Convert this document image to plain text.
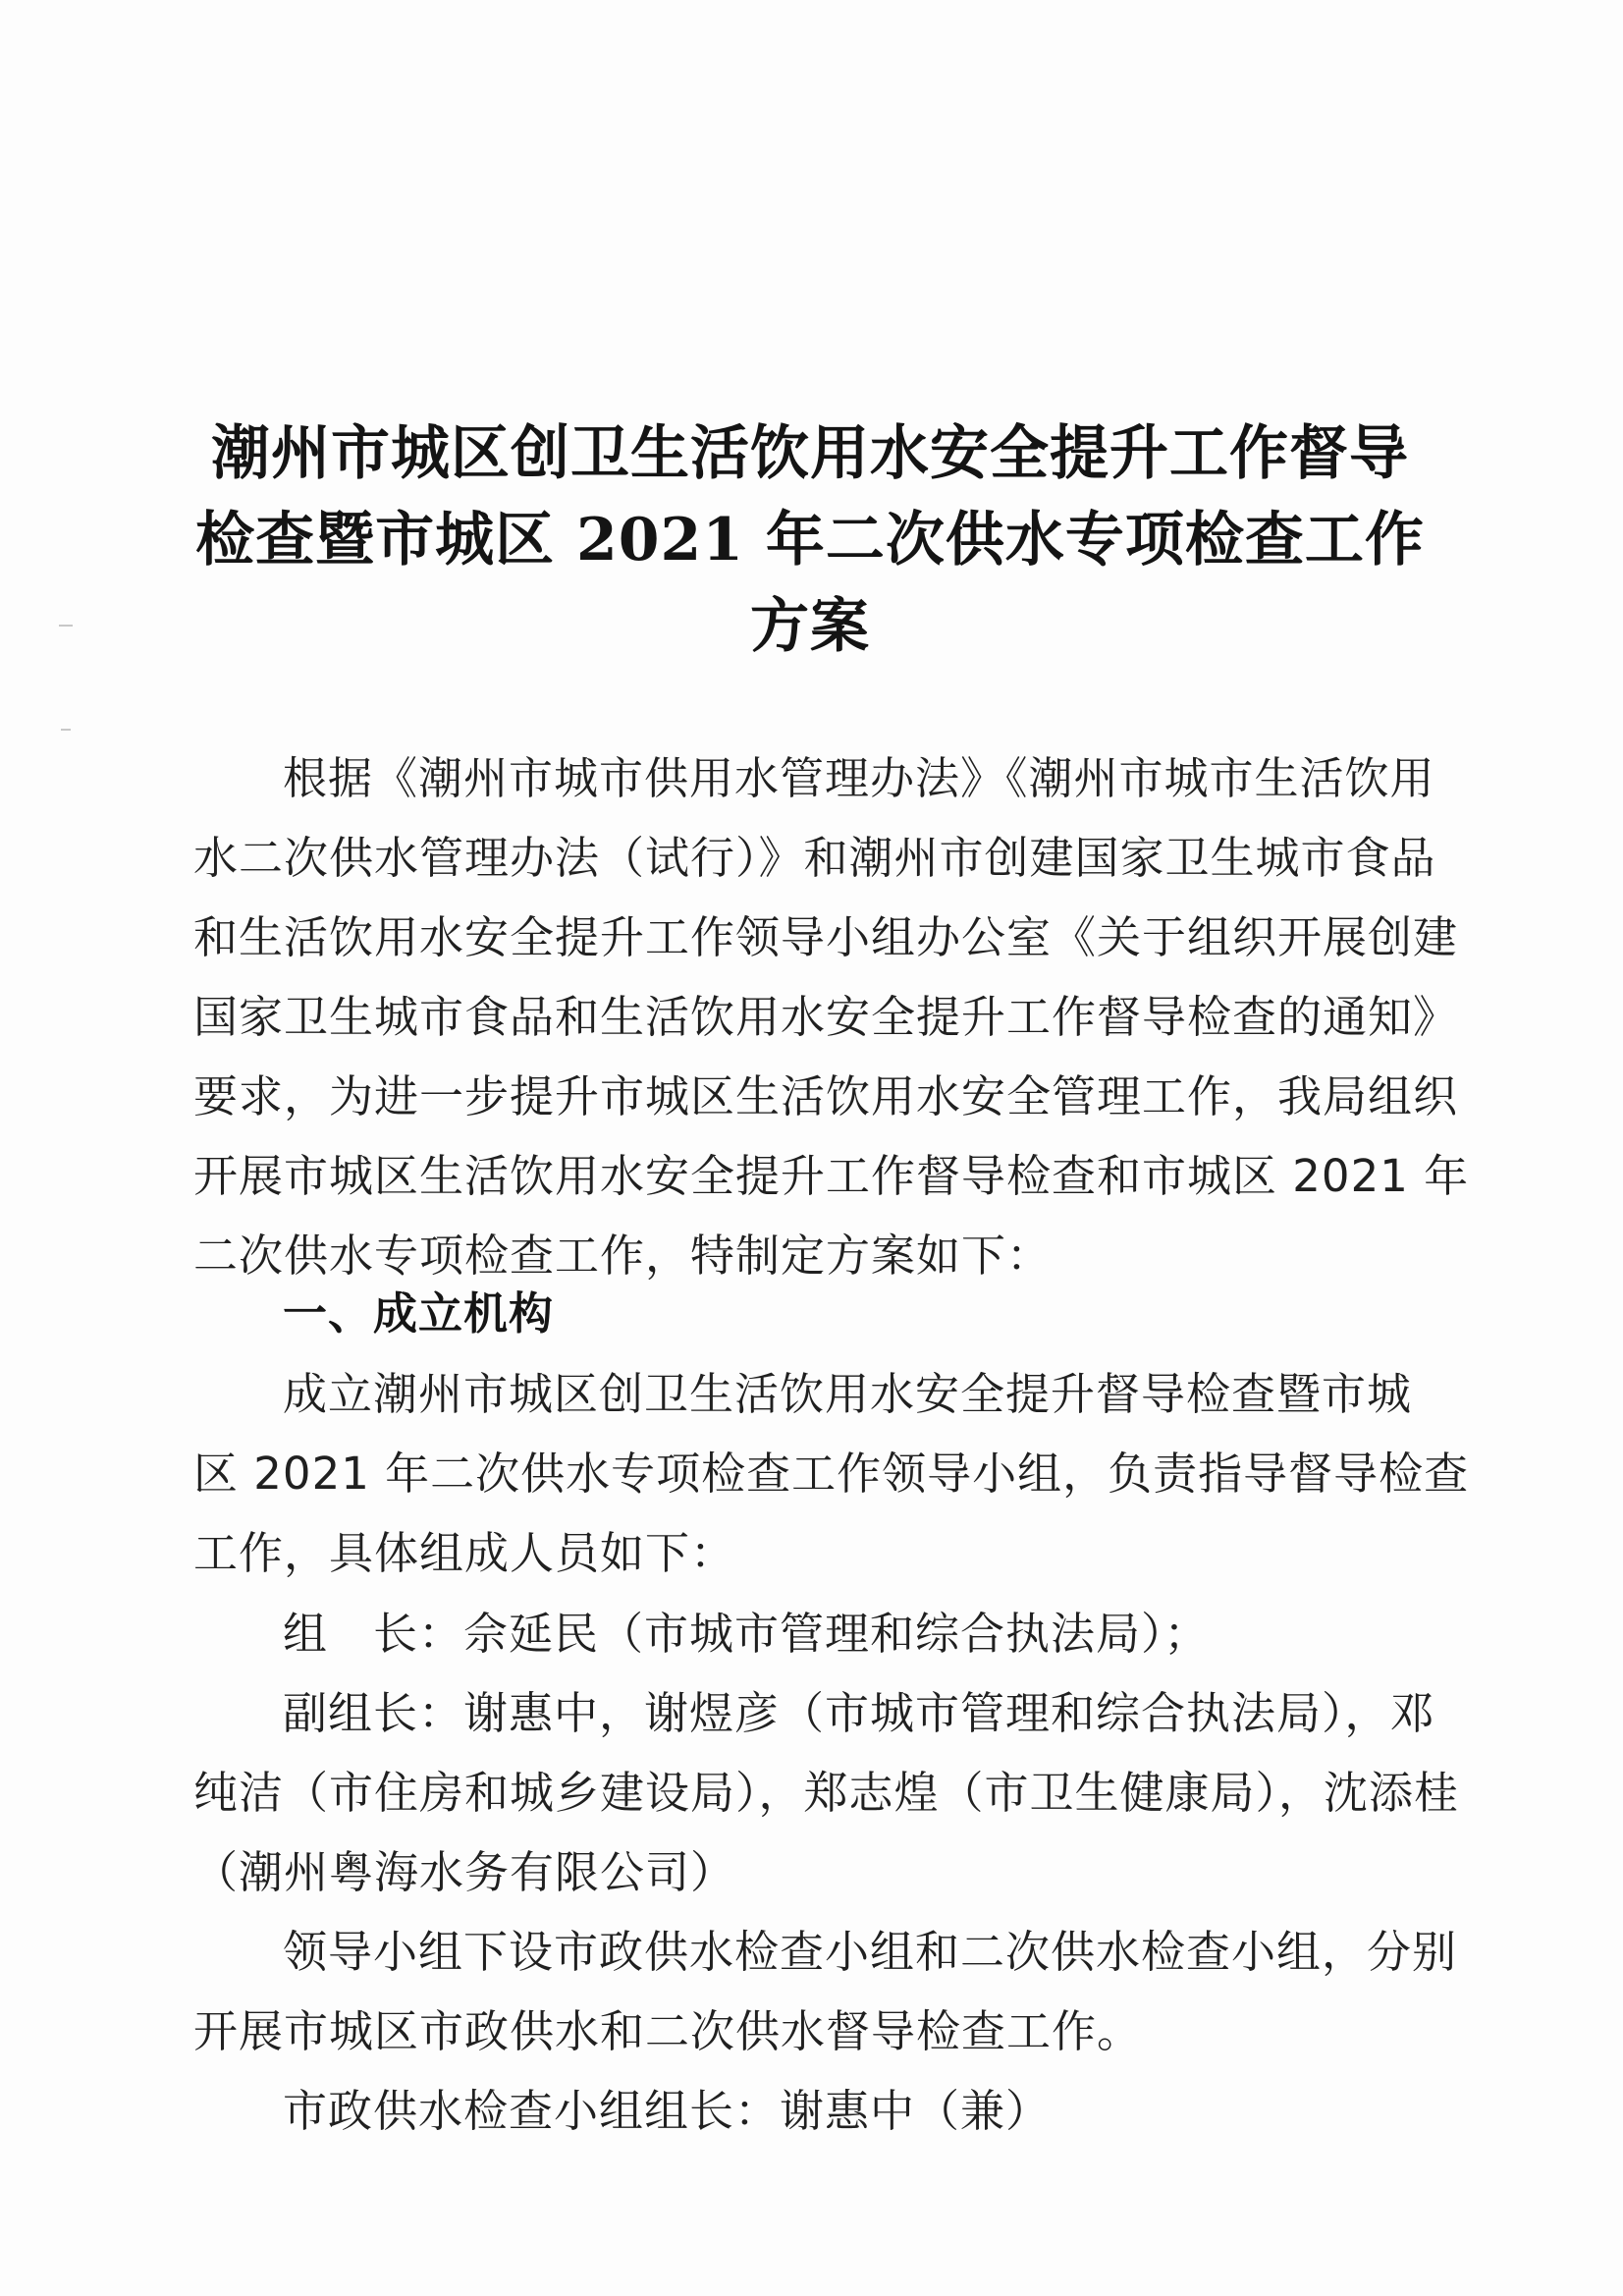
潮州市城区创卫生活饮用水安全提升工作督导
检查暨市城区 2021 年二次供水专项检查工作
方案
根据《潮州市城市供用水管理办法》《潮州市城市生活饮用
水二次供水管理办法（试行）》和潮州市创建国家卫生城市食品
和生活饮用水安全提升工作领导小组办公室《关于组织开展创建
国家卫生城市食品和生活饮用水安全提升工作督导检查的通知》
要求，为进一步提升市城区生活饮用水安全管理工作，我局组织
开展市城区生活饮用水安全提升工作督导检查和市城区 2021 年
二次供水专项检查工作，特制定方案如下：
一、成立机构
成立潮州市城区创卫生活饮用水安全提升督导检查暨市城
区 2021 年二次供水专项检查工作领导小组，负责指导督导检查
工作，具体组成人员如下：
组　长：佘延民（市城市管理和综合执法局）；
副组长：谢惠中，谢煜彦（市城市管理和综合执法局），邓
纯洁（市住房和城乡建设局），郑志煌（市卫生健康局），沈添桂
（潮州粤海水务有限公司）
领导小组下设市政供水检查小组和二次供水检查小组，分别
开展市城区市政供水和二次供水督导检查工作。
市政供水检查小组组长：谢惠中（兼）
